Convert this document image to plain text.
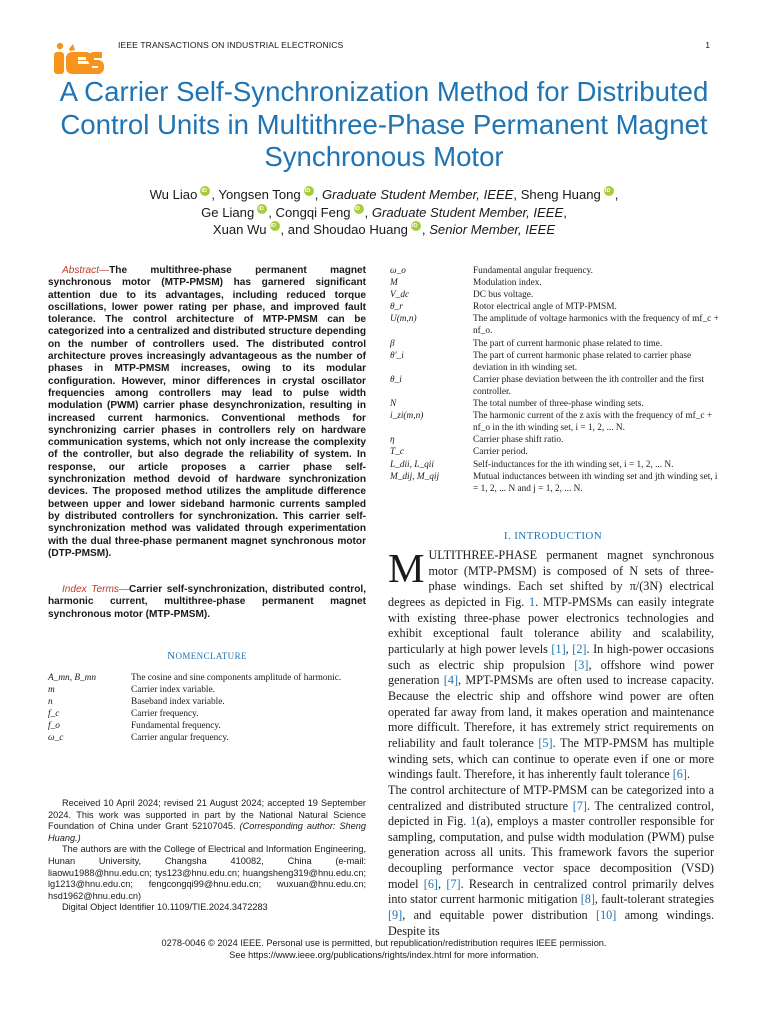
IEEE TRANSACTIONS ON INDUSTRIAL ELECTRONICS	1
A Carrier Self-Synchronization Method for Distributed Control Units in Multithree-Phase Permanent Magnet Synchronous Motor
Wu Liao iD , Yongsen Tong iD , Graduate Student Member, IEEE, Sheng Huang iD ,
Ge Liang iD , Congqi Feng iD , Graduate Student Member, IEEE,
Xuan Wu iD , and Shoudao Huang iD , Senior Member, IEEE
Abstract—The multithree-phase permanent magnet synchronous motor (MTP-PMSM) has garnered significant attention due to its advantages, including reduced torque oscillations, lower power rating per phase, and improved fault tolerance. The control architecture of MTP-PMSM can be categorized into a centralized and distributed structure depending on the number of controllers used. The distributed control architecture proves increasingly advantageous as the number of phases in MTP-PMSM increases, owing to its modular configuration. However, minor differences in crystal oscillator frequencies among controllers may lead to pulse width modulation (PWM) carrier phase desynchronization, resulting in increased current harmonics. Conventional methods for synchronizing carrier phases in controllers rely on hardware communication systems, which not only increase the complexity of the controller, but also degrade the reliability of system. In response, our article proposes a carrier phase self-synchronization method devoid of hardware synchronization devices. The proposed method utilizes the amplitude difference between upper and lower sideband harmonic currents sampled by distributed controllers for synchronization. This carrier self-synchronization method was validated through experimentation with the dual three-phase permanent magnet synchronous motor (DTP-PMSM).
Index Terms—Carrier self-synchronization, distributed control, harmonic current, multithree-phase permanent magnet synchronous motor (MTP-PMSM).
NOMENCLATURE
A_mn, B_mn	The cosine and sine components amplitude of harmonic.
m	Carrier index variable.
n	Baseband index variable.
f_c	Carrier frequency.
f_o	Fundamental frequency.
ω_c	Carrier angular frequency.
ω_o	Fundamental angular frequency.
M	Modulation index.
V_dc	DC bus voltage.
θ_r	Rotor electrical angle of MTP-PMSM.
U(m,n)	The amplitude of voltage harmonics with the frequency of mf_c + nf_o.
β	The part of current harmonic phase related to time.
θ'_i	The part of current harmonic phase related to carrier phase deviation in ith winding set.
θ_i	Carrier phase deviation between the ith controller and the first controller.
N	The total number of three-phase winding sets.
i_zi(m,n)	The harmonic current of the z axis with the frequency of mf_c + nf_o in the ith winding set, i = 1, 2, ... N.
η	Carrier phase shift ratio.
T_c	Carrier period.
L_dii, L_qii	Self-inductances for the ith winding set, i = 1, 2, ... N.
M_dij, M_qij	Mutual inductances between ith winding set and jth winding set, i = 1, 2, ... N and j = 1, 2, ... N.

Received 10 April 2024; revised 21 August 2024; accepted 19 September 2024. This work was supported in part by the National Natural Science Foundation of China under Grant 52107045. (Corresponding author: Sheng Huang.)

The authors are with the College of Electrical and Information Engineering, Hunan University, Changsha 410082, China (e-mail: liaowu1988@hnu.edu.cn; tys123@hnu.edu.cn; huangsheng319@hnu.edu.cn; lg1213@hnu.edu.cn; fengcongqi99@hnu.edu.cn; wuxuan@hnu.edu.cn; hsd1962@hnu.edu.cn)

Digital Object Identifier 10.1109/TIE.2024.3472283

I. INTRODUCTION

MULTITHREE-PHASE permanent magnet synchronous motor (MTP-PMSM) is composed of N sets of three-phase windings. Each set shifted by π/(3N) electrical degrees as depicted in Fig. 1. MTP-PMSMs can easily integrate with existing three-phase power electronics technologies and exhibit exceptional fault tolerance ability and scalability, particularly at high power levels [1], [2]. In high-power occasions such as electric ship propulsion [3], offshore wind power generation [4], MPT-PMSMs are often used to increase capacity. Because the electric ship and offshore wind power are often operated far away from land, it makes operation and maintenance more difficult. Therefore, it has extremely strict requirements on reliability and fault tolerance [5]. The MTP-PMSM has multiple winding sets, which can continue to operate even if one or more windings fault. Therefore, it has inherently fault tolerance [6].

The control architecture of MTP-PMSM can be categorized into a centralized and distributed structure [7]. The centralized control, depicted in Fig. 1(a), employs a master controller responsible for sampling, computation, and pulse width modulation (PWM) pulse generation across all units. This framework favors the superior decoupling performance vector space decomposition (VSD) model [6], [7]. Research in centralized control primarily delves into stator current harmonic mitigation [8], fault-tolerant strategies [9], and equitable power distribution [10] among windings. Despite its

0278-0046 © 2024 IEEE. Personal use is permitted, but republication/redistribution requires IEEE permission.
See https://www.ieee.org/publications/rights/index.html for more information.
